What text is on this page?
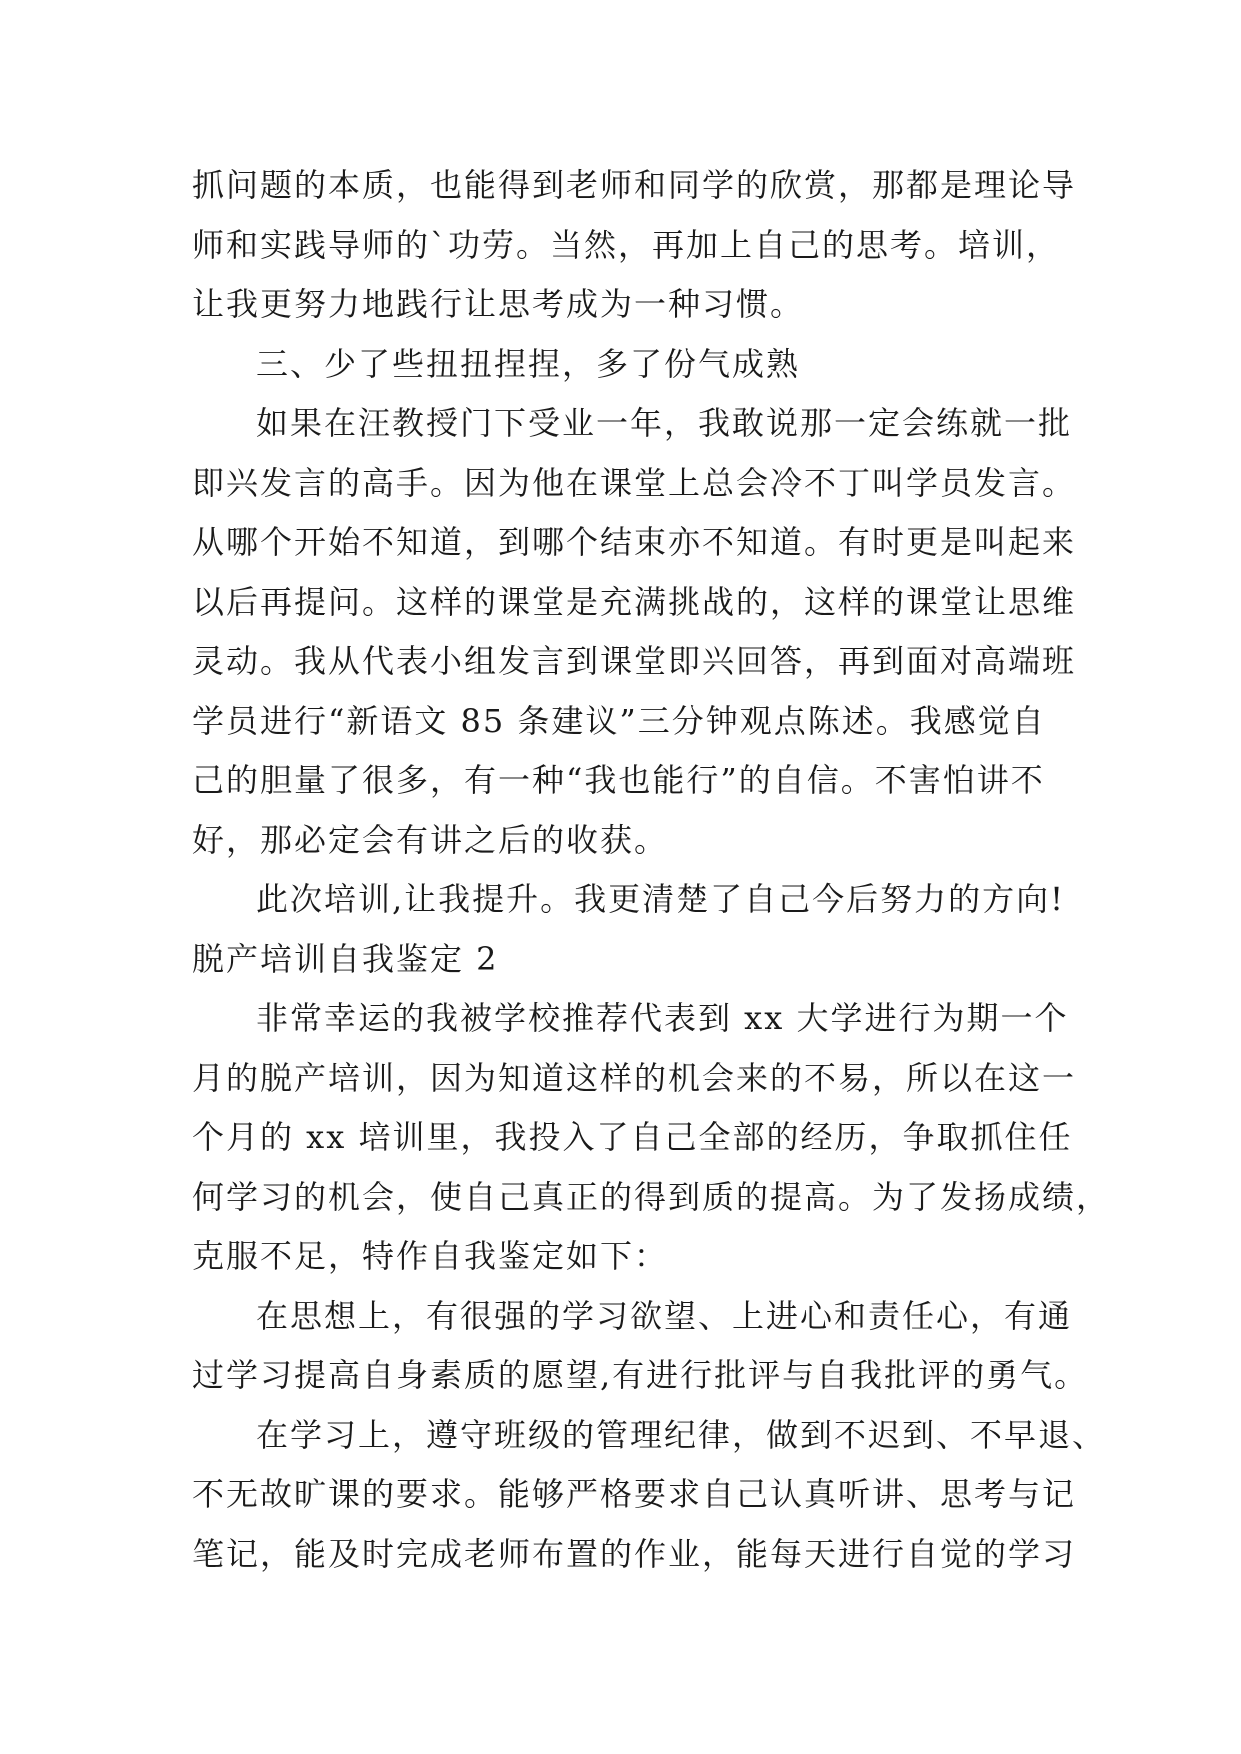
抓问题的本质，也能得到老师和同学的欣赏，那都是理论导
师和实践导师的`功劳。当然，再加上自己的思考。培训，
让我更努力地践行让思考成为一种习惯。
三、少了些扭扭捏捏，多了份气成熟
如果在汪教授门下受业一年，我敢说那一定会练就一批
即兴发言的高手。因为他在课堂上总会冷不丁叫学员发言。
从哪个开始不知道，到哪个结束亦不知道。有时更是叫起来
以后再提问。这样的课堂是充满挑战的，这样的课堂让思维
灵动。我从代表小组发言到课堂即兴回答，再到面对高端班
学员进行“新语文 85 条建议”三分钟观点陈述。我感觉自
己的胆量了很多，有一种“我也能行”的自信。不害怕讲不
好，那必定会有讲之后的收获。
此次培训,让我提升。我更清楚了自己今后努力的方向!
脱产培训自我鉴定 2
非常幸运的我被学校推荐代表到 xx 大学进行为期一个
月的脱产培训，因为知道这样的机会来的不易，所以在这一
个月的 xx 培训里，我投入了自己全部的经历，争取抓住任
何学习的机会，使自己真正的得到质的提高。为了发扬成绩，
克服不足，特作自我鉴定如下：
在思想上，有很强的学习欲望、上进心和责任心，有通
过学习提高自身素质的愿望,有进行批评与自我批评的勇气。
在学习上，遵守班级的管理纪律，做到不迟到、不早退、
不无故旷课的要求。能够严格要求自己认真听讲、思考与记
笔记，能及时完成老师布置的作业，能每天进行自觉的学习
